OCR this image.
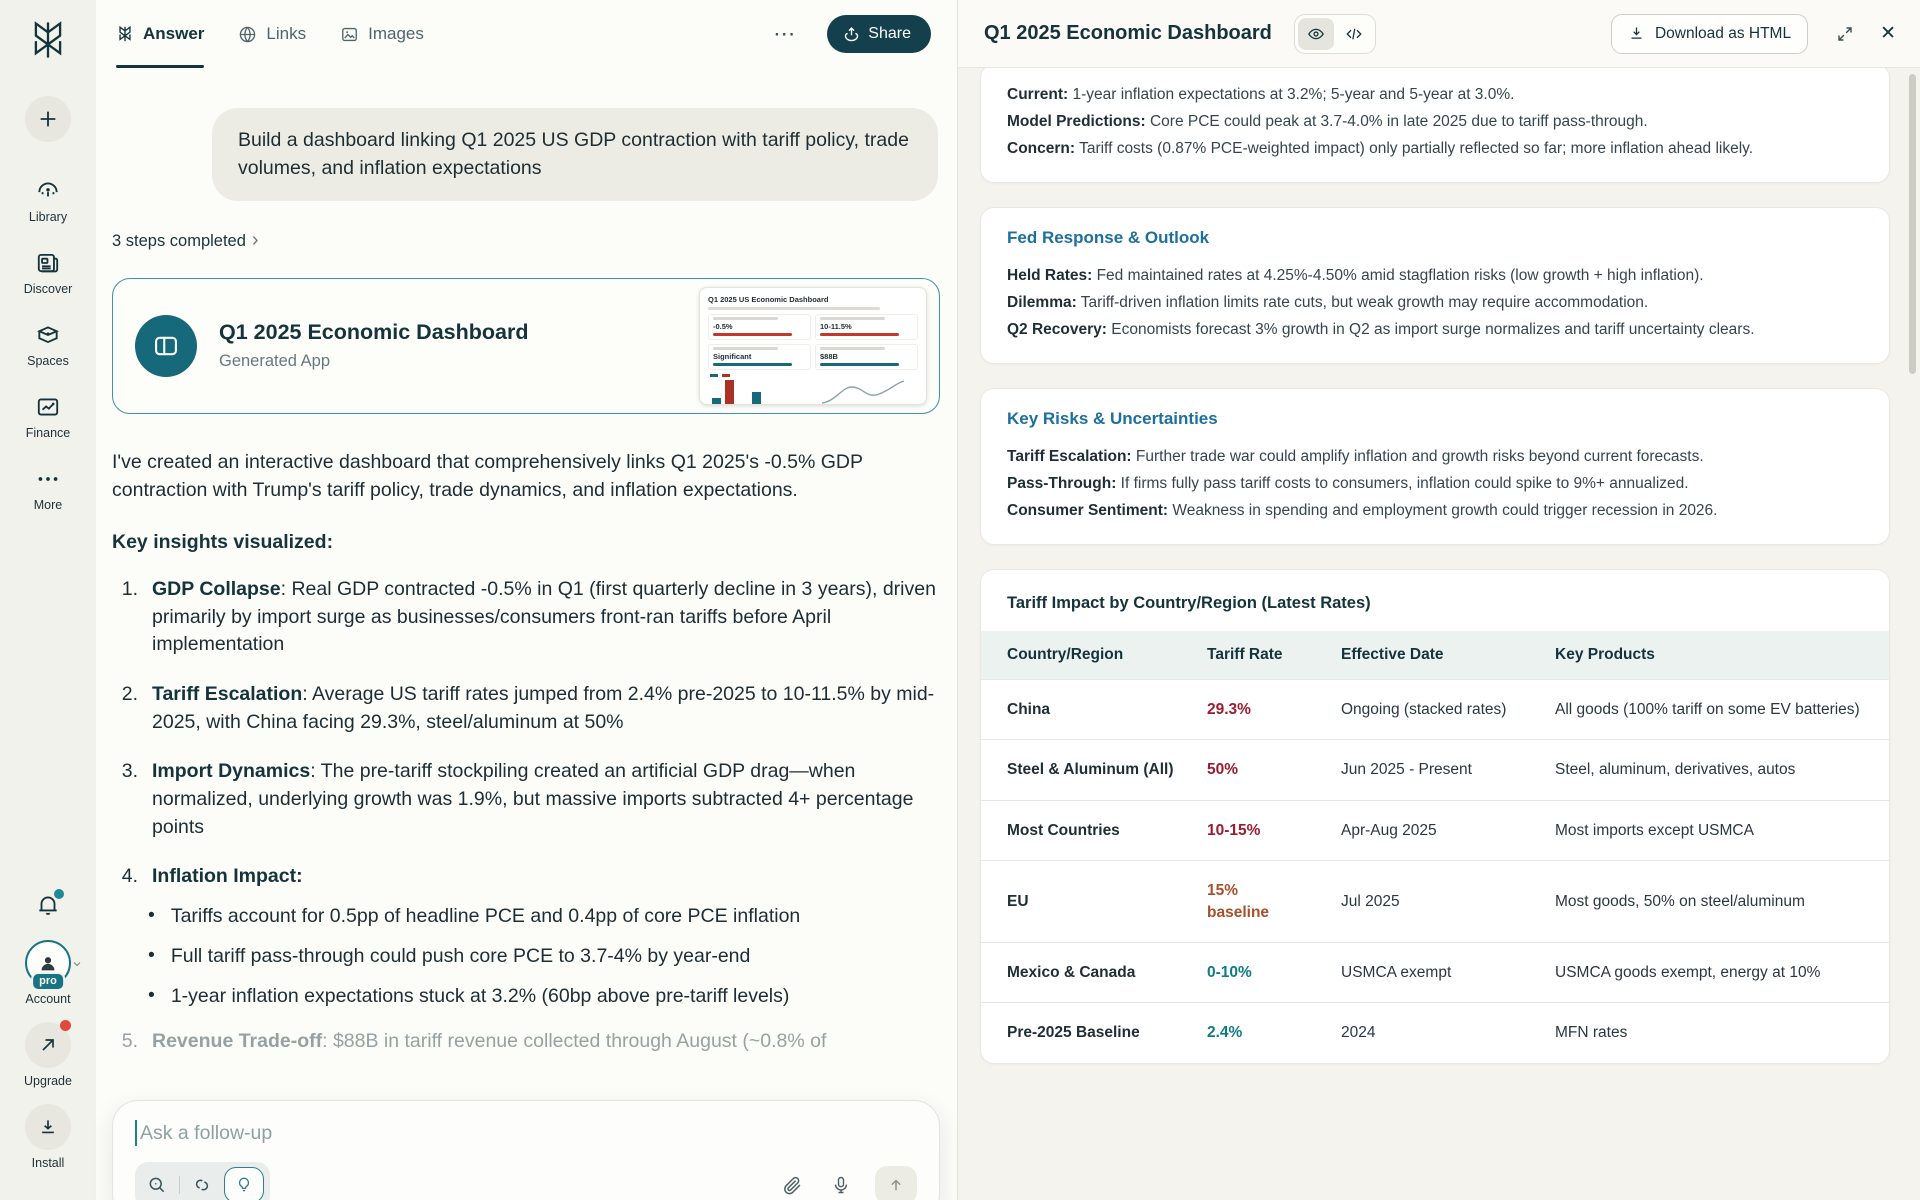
Library
Discover
Spaces
Finance
More
pro
Account
Upgrade
Install
Answer	Links	Images	⋯	Share
Build a dashboard linking Q1 2025 US GDP contraction with tariff policy, trade volumes, and inflation expectations
3 steps completed ›
Q1 2025 Economic Dashboard
Generated App
Q1 2025 US Economic Dashboard
-0.5%	10-11.5%
Significant	$88B

I've created an interactive dashboard that comprehensively links Q1 2025's -0.5% GDP contraction with Trump's tariff policy, trade dynamics, and inflation expectations.

Key insights visualized:
1. GDP Collapse: Real GDP contracted -0.5% in Q1 (first quarterly decline in 3 years), driven primarily by import surge as businesses/consumers front-ran tariffs before April implementation
2. Tariff Escalation: Average US tariff rates jumped from 2.4% pre-2025 to 10-11.5% by mid-2025, with China facing 29.3%, steel/aluminum at 50%
3. Import Dynamics: The pre-tariff stockpiling created an artificial GDP drag—when normalized, underlying growth was 1.9%, but massive imports subtracted 4+ percentage points
4. Inflation Impact:
• Tariffs account for 0.5pp of headline PCE and 0.4pp of core PCE inflation
• Full tariff pass-through could push core PCE to 3.7-4% by year-end
• 1-year inflation expectations stuck at 3.2% (60bp above pre-tariff levels)
5. Revenue Trade-off: $88B in tariff revenue collected through August (~0.8% of
Ask a follow-up
Q1 2025 Economic Dashboard	Download as HTML	✕

Current: 1-year inflation expectations at 3.2%; 5-year and 5-year at 3.0%.

Model Predictions: Core PCE could peak at 3.7-4.0% in late 2025 due to tariff pass-through.

Concern: Tariff costs (0.87% PCE-weighted impact) only partially reflected so far; more inflation ahead likely.

Fed Response & Outlook

Held Rates: Fed maintained rates at 4.25%-4.50% amid stagflation risks (low growth + high inflation).

Dilemma: Tariff-driven inflation limits rate cuts, but weak growth may require accommodation.

Q2 Recovery: Economists forecast 3% growth in Q2 as import surge normalizes and tariff uncertainty clears.

Key Risks & Uncertainties

Tariff Escalation: Further trade war could amplify inflation and growth risks beyond current forecasts.

Pass-Through: If firms fully pass tariff costs to consumers, inflation could spike to 9%+ annualized.

Consumer Sentiment: Weakness in spending and employment growth could trigger recession in 2026.

Tariff Impact by Country/Region (Latest Rates)
Country/Region	Tariff Rate	Effective Date	Key Products
China	29.3%	Ongoing (stacked rates)	All goods (100% tariff on some EV batteries)
Steel & Aluminum (All)	50%	Jun 2025 - Present	Steel, aluminum, derivatives, autos
Most Countries	10-15%	Apr-Aug 2025	Most imports except USMCA
EU	15% baseline	Jul 2025	Most goods, 50% on steel/aluminum
Mexico & Canada	0-10%	USMCA exempt	USMCA goods exempt, energy at 10%
Pre-2025 Baseline	2.4%	2024	MFN rates
